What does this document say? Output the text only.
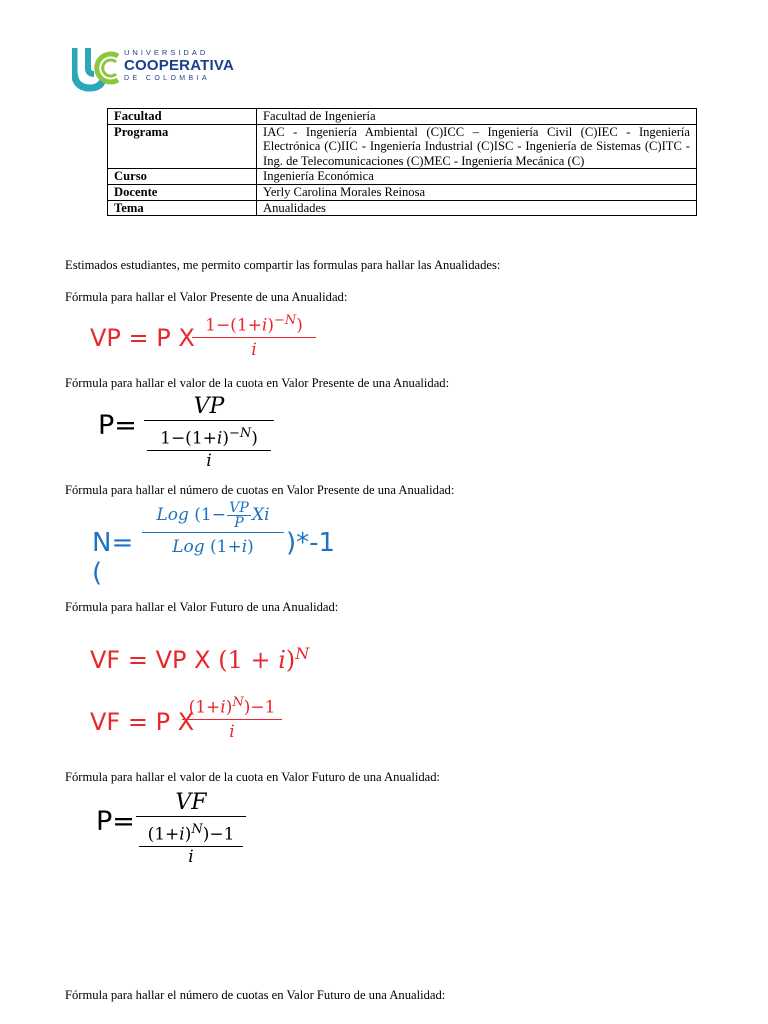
UNIVERSIDAD
COOPERATIVA
DE COLOMBIA
Facultad	Facultad de Ingeniería
Programa	IAC - Ingeniería Ambiental (C)ICC – Ingeniería Civil (C)IEC - Ingeniería Electrónica (C)IIC - Ingeniería Industrial (C)ISC - Ingeniería de Sistemas (C)ITC - Ing. de Telecomunicaciones (C)MEC - Ingeniería Mecánica (C)
Curso	Ingeniería Económica
Docente	Yerly Carolina Morales Reinosa
Tema	Anualidades
Estimados estudiantes, me permito compartir las formulas para hallar las Anualidades:
Fórmula para hallar el Valor Presente de una Anualidad:
VP = P X 1−(1+𝑖)$^{-𝑁}$)
𝑖
Fórmula para hallar el valor de la cuota en Valor Presente de una Anualidad:
P=
𝑉𝑃
1−(1+𝑖)$^{-𝑁}$)
𝑖
Fórmula para hallar el número de cuotas en Valor Presente de una Anualidad:
N=(
𝐿𝑜𝑔 (1− 𝑉𝑃
𝑃 𝑋𝑖
𝐿𝑜𝑔 (1+𝑖) )*-1
Fórmula para hallar el Valor Futuro de una Anualidad:
VF = VP X (1 + 𝑖)$^𝑁$
VF = P X
(1+𝑖)$^𝑁$)−1
𝑖
Fórmula para hallar el valor de la cuota en Valor Futuro de una Anualidad:
P=
𝑉𝐹
(1+𝑖)$^𝑁$)−1
𝑖
Fórmula para hallar el número de cuotas en Valor Futuro de una Anualidad:
